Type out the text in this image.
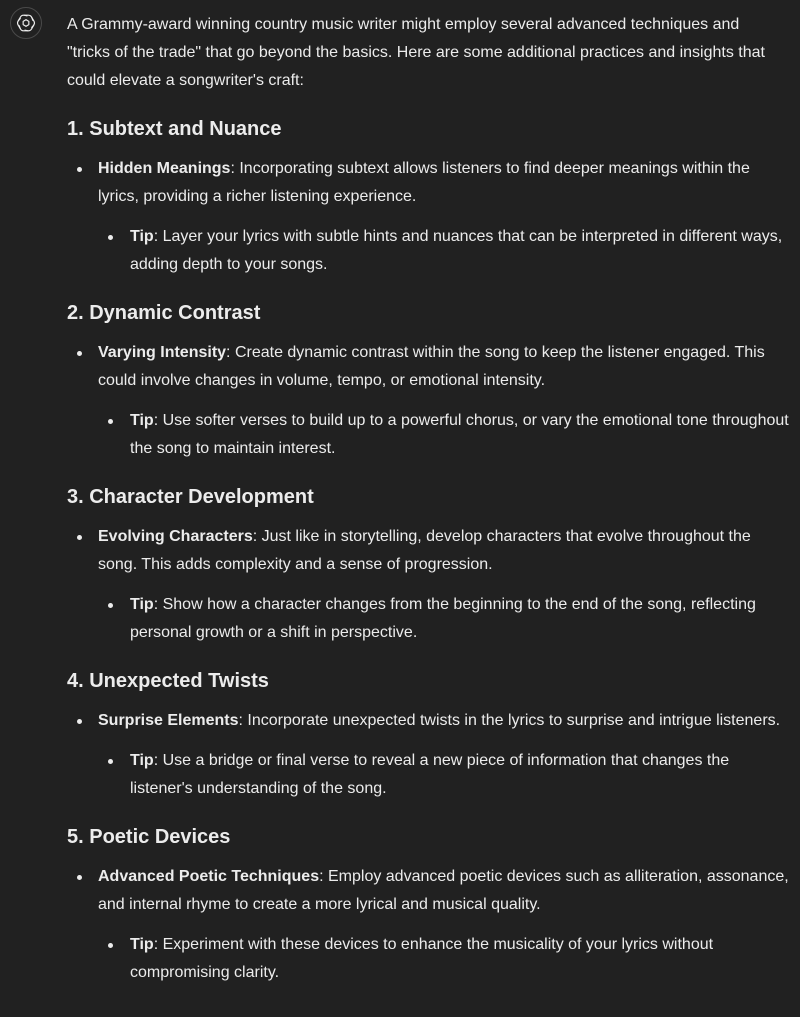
A Grammy-award winning country music writer might employ several advanced techniques and "tricks of the trade" that go beyond the basics. Here are some additional practices and insights that could elevate a songwriter's craft:

1. Subtext and Nuance
Hidden Meanings: Incorporating subtext allows listeners to find deeper meanings within the lyrics, providing a richer listening experience.
Tip: Layer your lyrics with subtle hints and nuances that can be interpreted in different ways, adding depth to your songs.
2. Dynamic Contrast
Varying Intensity: Create dynamic contrast within the song to keep the listener engaged. This could involve changes in volume, tempo, or emotional intensity.
Tip: Use softer verses to build up to a powerful chorus, or vary the emotional tone throughout the song to maintain interest.
3. Character Development
Evolving Characters: Just like in storytelling, develop characters that evolve throughout the song. This adds complexity and a sense of progression.
Tip: Show how a character changes from the beginning to the end of the song, reflecting personal growth or a shift in perspective.
4. Unexpected Twists
Surprise Elements: Incorporate unexpected twists in the lyrics to surprise and intrigue listeners.
Tip: Use a bridge or final verse to reveal a new piece of information that changes the listener's understanding of the song.
5. Poetic Devices
Advanced Poetic Techniques: Employ advanced poetic devices such as alliteration, assonance, and internal rhyme to create a more lyrical and musical quality.
Tip: Experiment with these devices to enhance the musicality of your lyrics without compromising clarity.
